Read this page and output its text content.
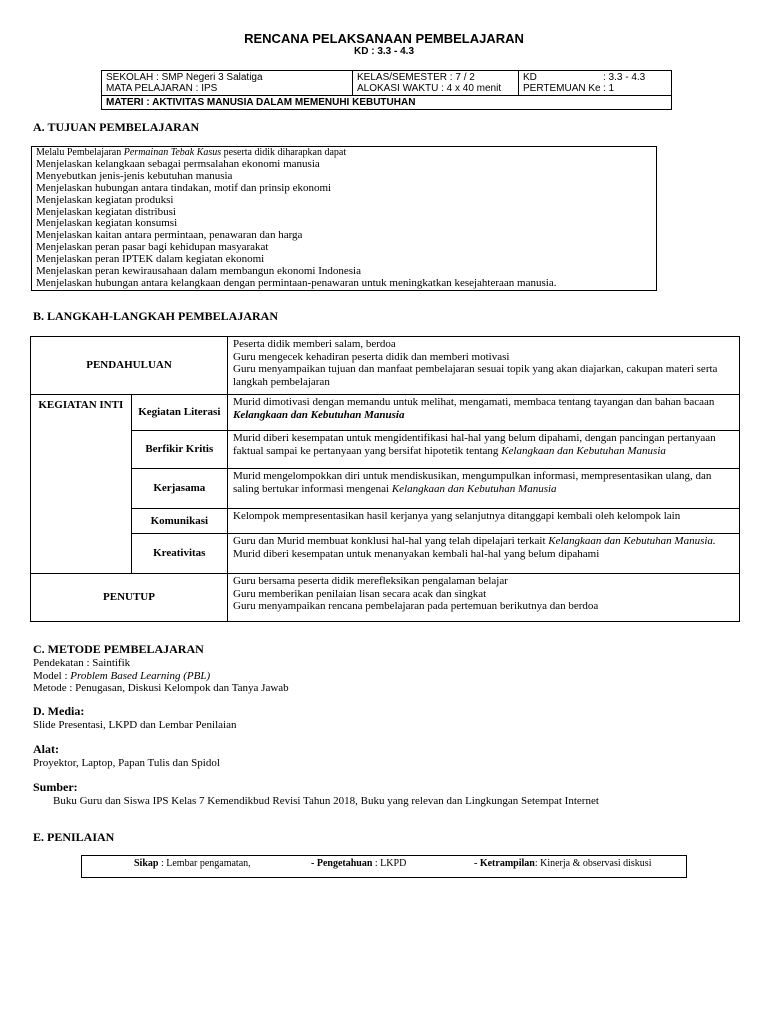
RENCANA PELAKSANAAN PEMBELAJARAN
KD : 3.3 - 4.3
SEKOLAH : SMP Negeri 3 Salatiga
MATA PELAJARAN : IPS

KELAS/SEMESTER : 7 / 2
ALOKASI WAKTU : 4 x 40 menit

KD	: 3.3 - 4.3
PERTEMUAN Ke : 1

MATERI : AKTIVITAS MANUSIA DALAM MEMENUHI KEBUTUHAN
A. TUJUAN PEMBELAJARAN
Melalu Pembelajaran Permainan Tebak Kasus peserta didik diharapkan dapat
Menjelaskan kelangkaan sebagai permsalahan ekonomi manusia
Menyebutkan jenis-jenis kebutuhan manusia
Menjelaskan hubungan antara tindakan, motif dan prinsip ekonomi
Menjelaskan kegiatan produksi
Menjelaskan kegiatan distribusi
Menjelaskan kegiatan konsumsi
Menjelaskan kaitan antara permintaan, penawaran dan harga
Menjelaskan peran pasar bagi kehidupan masyarakat
Menjelaskan peran IPTEK dalam kegiatan ekonomi
Menjelaskan peran kewirausahaan dalam membangun ekonomi Indonesia
Menjelaskan hubungan antara kelangkaan dengan permintaan-penawaran untuk meningkatkan kesejahteraan manusia.
B. LANGKAH-LANGKAH PEMBELAJARAN
PENDAHULUAN		Peserta didik memberi salam, berdoa
Guru mengecek kehadiran peserta didik dan memberi motivasi
Guru menyampaikan tujuan dan manfaat pembelajaran sesuai topik yang akan diajarkan, cakupan materi serta langkah pembelajaran

KEGIATAN INTI	Kegiatan Literasi	Murid dimotivasi dengan memandu untuk melihat, mengamati, membaca tentang tayangan dan bahan bacaan Kelangkaan dan Kebutuhan Manusia
	Berfikir Kritis	Murid diberi kesempatan untuk mengidentifikasi hal-hal yang belum dipahami, dengan pancingan pertanyaan faktual sampai ke pertanyaan yang bersifat hipotetik tentang Kelangkaan dan Kebutuhan Manusia
	Kerjasama	Murid mengelompokkan diri untuk mendiskusikan, mengumpulkan informasi, mempresentasikan ulang, dan saling bertukar informasi mengenai Kelangkaan dan Kebutuhan Manusia
	Komunikasi	Kelompok mempresentasikan hasil kerjanya yang selanjutnya ditanggapi kembali oleh kelompok lain
	Kreativitas	Guru dan Murid membuat konklusi hal-hal yang telah dipelajari terkait Kelangkaan dan Kebutuhan Manusia.
Murid diberi kesempatan untuk menanyakan kembali hal-hal yang belum dipahami

PENUTUP		Guru bersama peserta didik merefleksikan pengalaman belajar
Guru memberikan penilaian lisan secara acak dan singkat
Guru menyampaikan rencana pembelajaran pada pertemuan berikutnya dan berdoa
C. METODE PEMBELAJARAN
Pendekatan : Saintifik
Model : Problem Based Learning (PBL)
Metode : Penugasan, Diskusi Kelompok dan Tanya Jawab
D. Media:
Slide Presentasi, LKPD dan Lembar Penilaian
Alat:
Proyektor, Laptop, Papan Tulis dan Spidol
Sumber:
Buku Guru dan Siswa IPS Kelas 7 Kemendikbud Revisi Tahun 2018, Buku yang relevan dan Lingkungan Setempat Internet
E. PENILAIAN
Sikap : Lembar pengamatan,	- Pengetahuan : LKPD	- Ketrampilan: Kinerja & observasi diskusi
